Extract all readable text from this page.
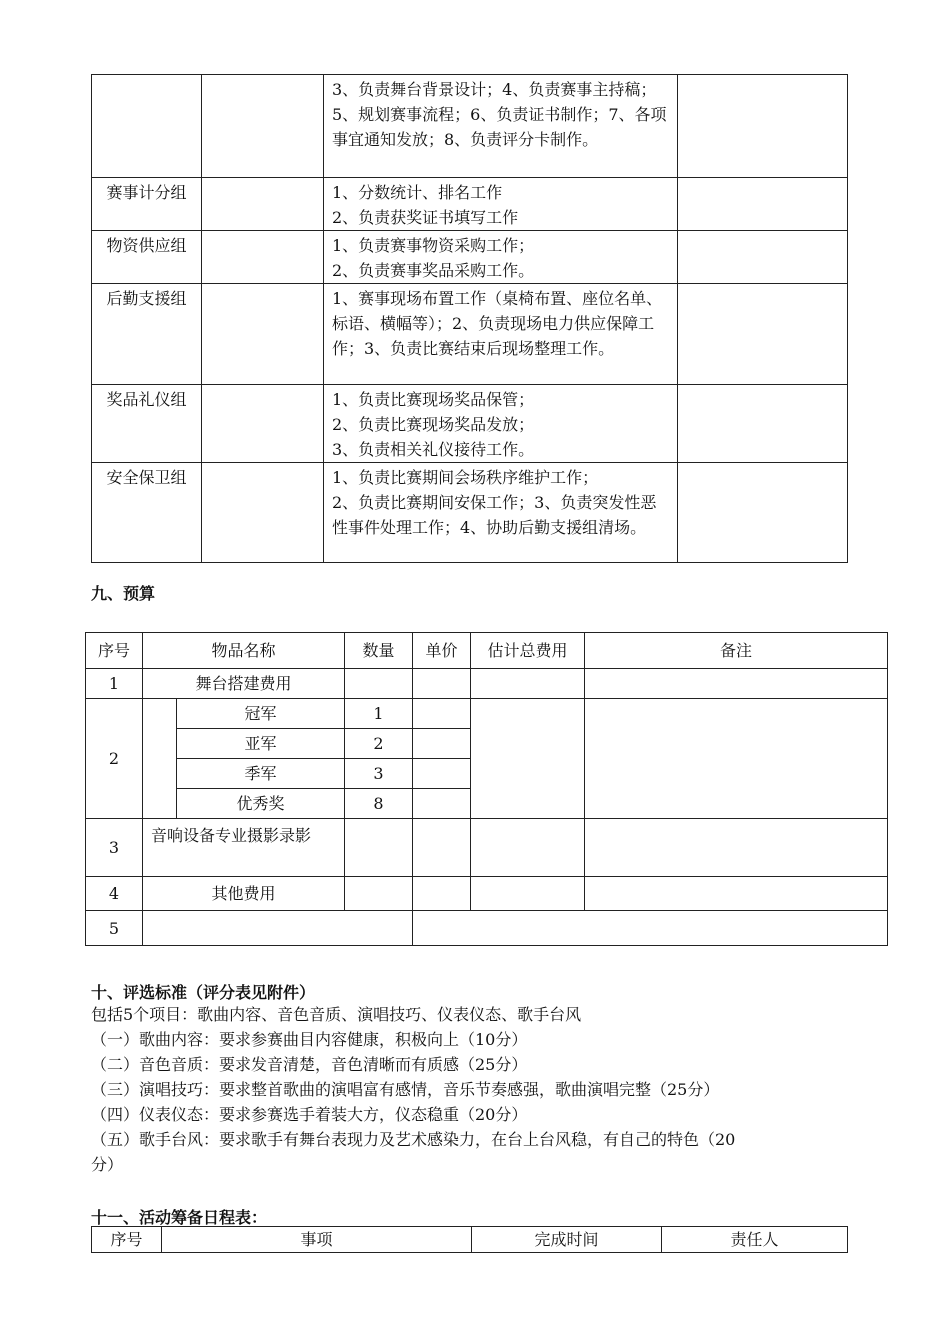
		3、负责舞台背景设计；4、负责赛事主持稿；5、规划赛事流程；6、负责证书制作；7、各项事宜通知发放；8、负责评分卡制作。	
赛事计分组		1、分数统计、排名工作
2、负责获奖证书填写工作	
物资供应组		1、负责赛事物资采购工作；
2、负责赛事奖品采购工作。	
后勤支援组		1、赛事现场布置工作（桌椅布置、座位名单、标语、横幅等）；2、负责现场电力供应保障工作；3、负责比赛结束后现场整理工作。	
奖品礼仪组		1、负责比赛现场奖品保管；
2、负责比赛现场奖品发放；
3、负责相关礼仪接待工作。	
安全保卫组		1、负责比赛期间会场秩序维护工作；
2、负责比赛期间安保工作；3、负责突发性恶性事件处理工作；4、协助后勤支援组清场。	
九、预算
序号	物品名称		数量	单价	估计总费用	备注
1	舞台搭建费用					
2		冠军	1			
		亚军	2			
		季军	3			
		优秀奖	8			
3	音响设备专业摄影录影					
4	其他费用					
5						
十、评选标准（评分表见附件）
包括5个项目：歌曲内容、音色音质、演唱技巧、仪表仪态、歌手台风
（一）歌曲内容：要求参赛曲目内容健康，积极向上（10分）
（二）音色音质：要求发音清楚，音色清晰而有质感（25分）
（三）演唱技巧：要求整首歌曲的演唱富有感情，音乐节奏感强，歌曲演唱完整（25分）
（四）仪表仪态：要求参赛选手着装大方，仪态稳重（20分）
（五）歌手台风：要求歌手有舞台表现力及艺术感染力，在台上台风稳，有自己的特色（20
分）
十一、活动筹备日程表：
序号	事项	完成时间	责任人
